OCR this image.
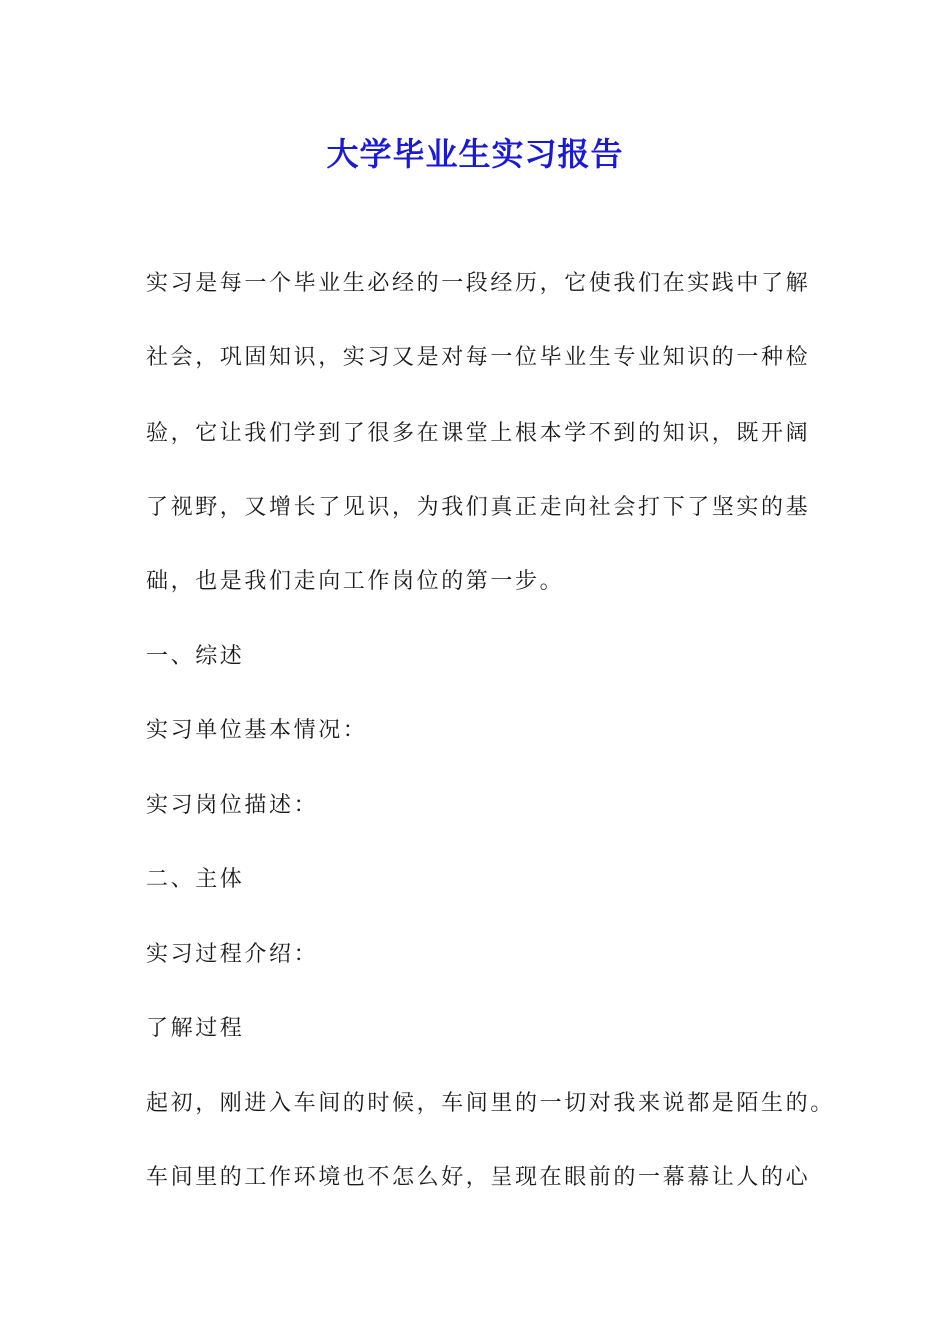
大学毕业生实习报告
实习是每一个毕业生必经的一段经历，它使我们在实践中了解
社会，巩固知识，实习又是对每一位毕业生专业知识的一种检
验，它让我们学到了很多在课堂上根本学不到的知识，既开阔
了视野，又增长了见识，为我们真正走向社会打下了坚实的基
础，也是我们走向工作岗位的第一步。
一、综述
实习单位基本情况：
实习岗位描述：
二、主体
实习过程介绍：
了解过程
起初，刚进入车间的时候，车间里的一切对我来说都是陌生的。
车间里的工作环境也不怎么好，呈现在眼前的一幕幕让人的心
